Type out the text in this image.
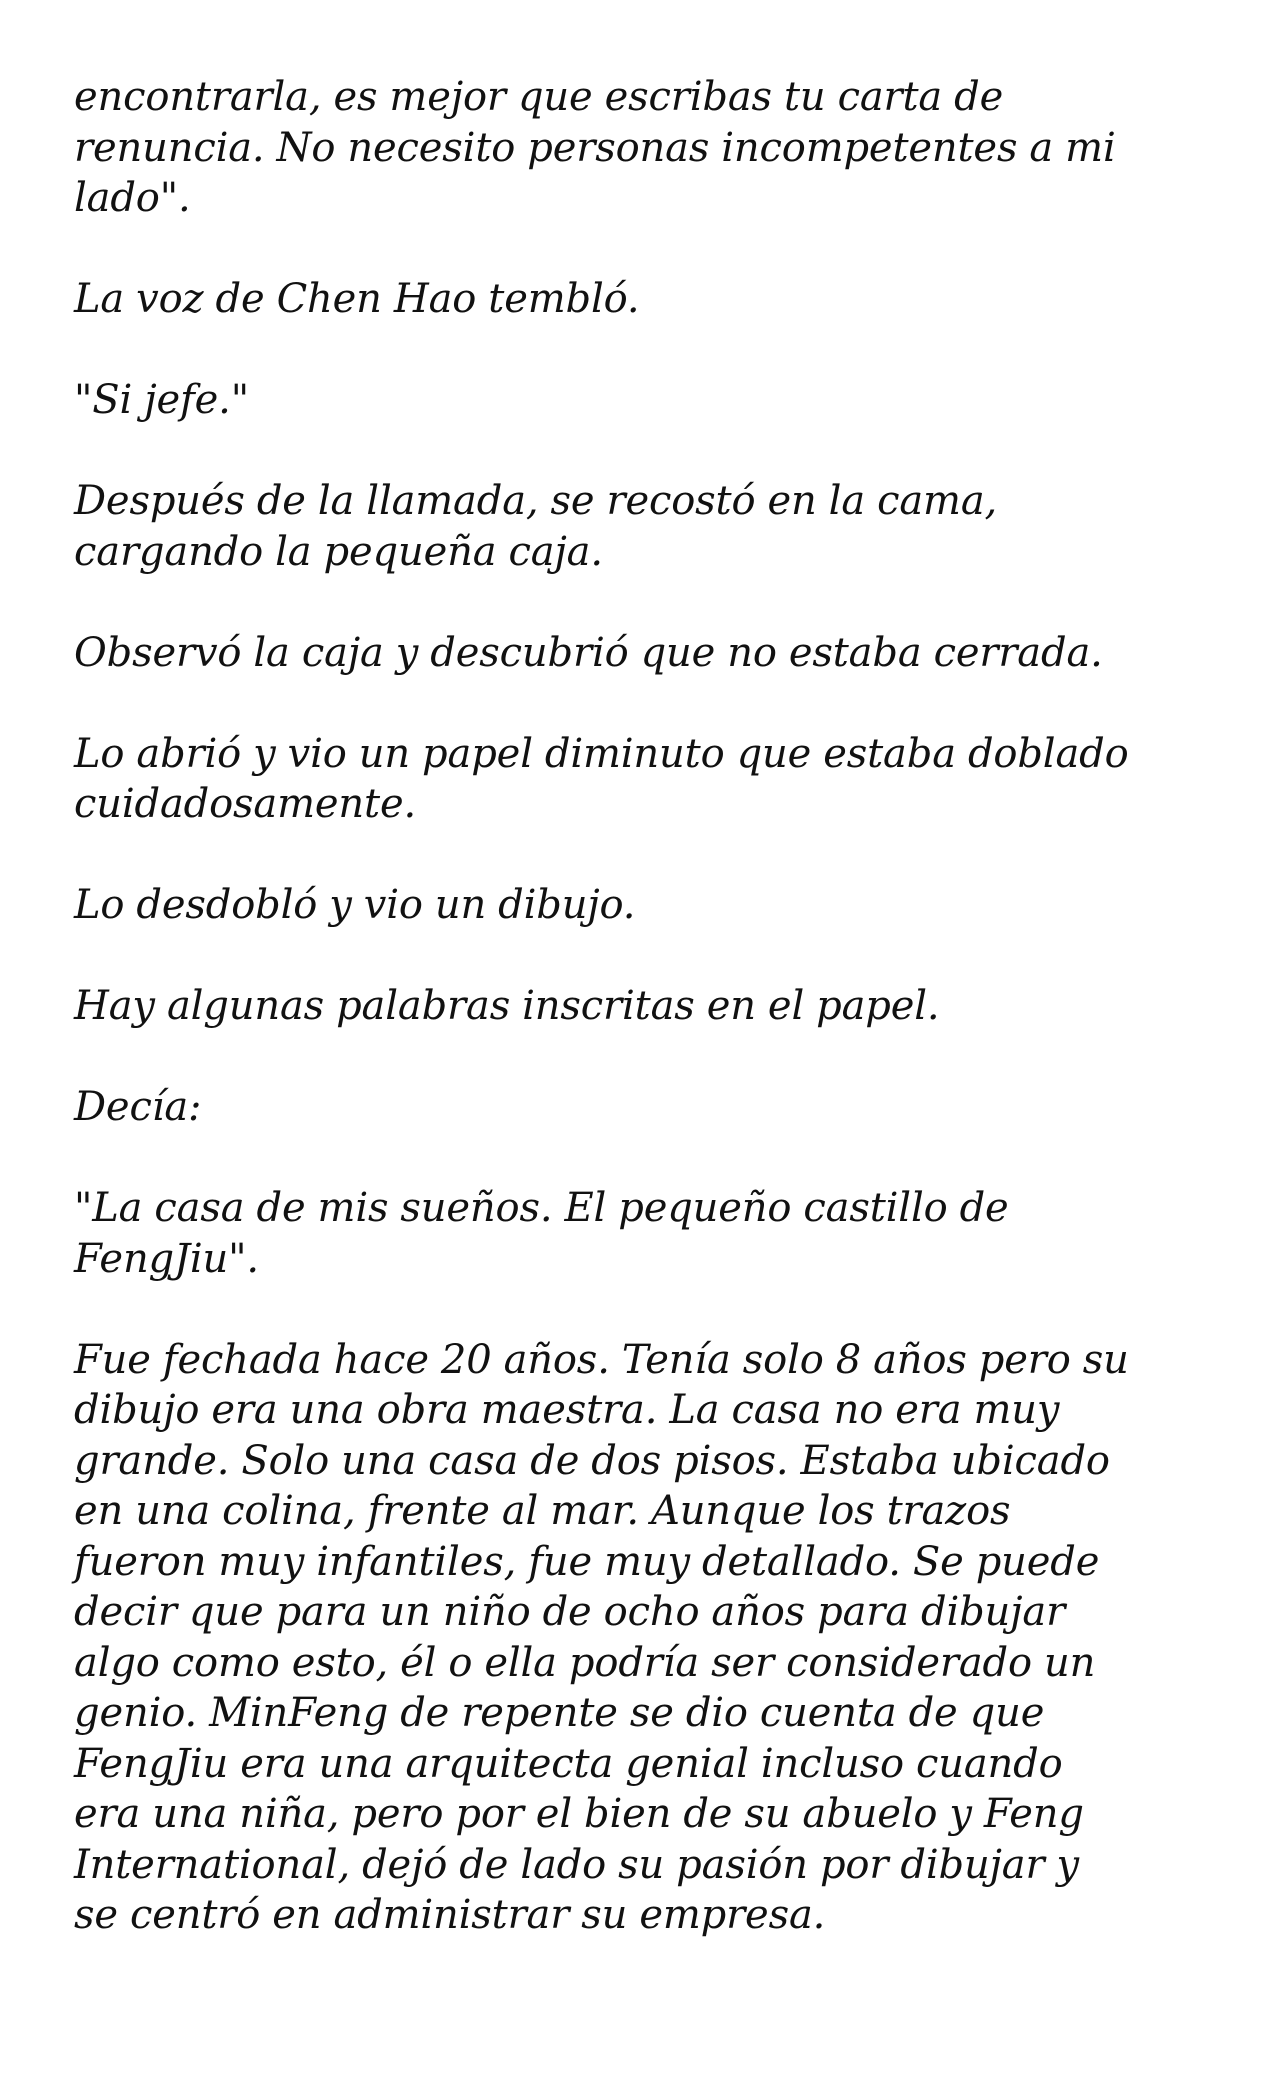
encontrarla, es mejor que escribas tu carta de
renuncia. No necesito personas incompetentes a mi
lado".

La voz de Chen Hao tembló.

"Si jefe."

Después de la llamada, se recostó en la cama,
cargando la pequeña caja.

Observó la caja y descubrió que no estaba cerrada.

Lo abrió y vio un papel diminuto que estaba doblado
cuidadosamente.

Lo desdobló y vio un dibujo.

Hay algunas palabras inscritas en el papel.

Decía:

"La casa de mis sueños. El pequeño castillo de
FengJiu".

Fue fechada hace 20 años. Tenía solo 8 años pero su
dibujo era una obra maestra. La casa no era muy
grande. Solo una casa de dos pisos. Estaba ubicado
en una colina, frente al mar. Aunque los trazos
fueron muy infantiles, fue muy detallado. Se puede
decir que para un niño de ocho años para dibujar
algo como esto, él o ella podría ser considerado un
genio. MinFeng de repente se dio cuenta de que
FengJiu era una arquitecta genial incluso cuando
era una niña, pero por el bien de su abuelo y Feng
International, dejó de lado su pasión por dibujar y
se centró en administrar su empresa.
